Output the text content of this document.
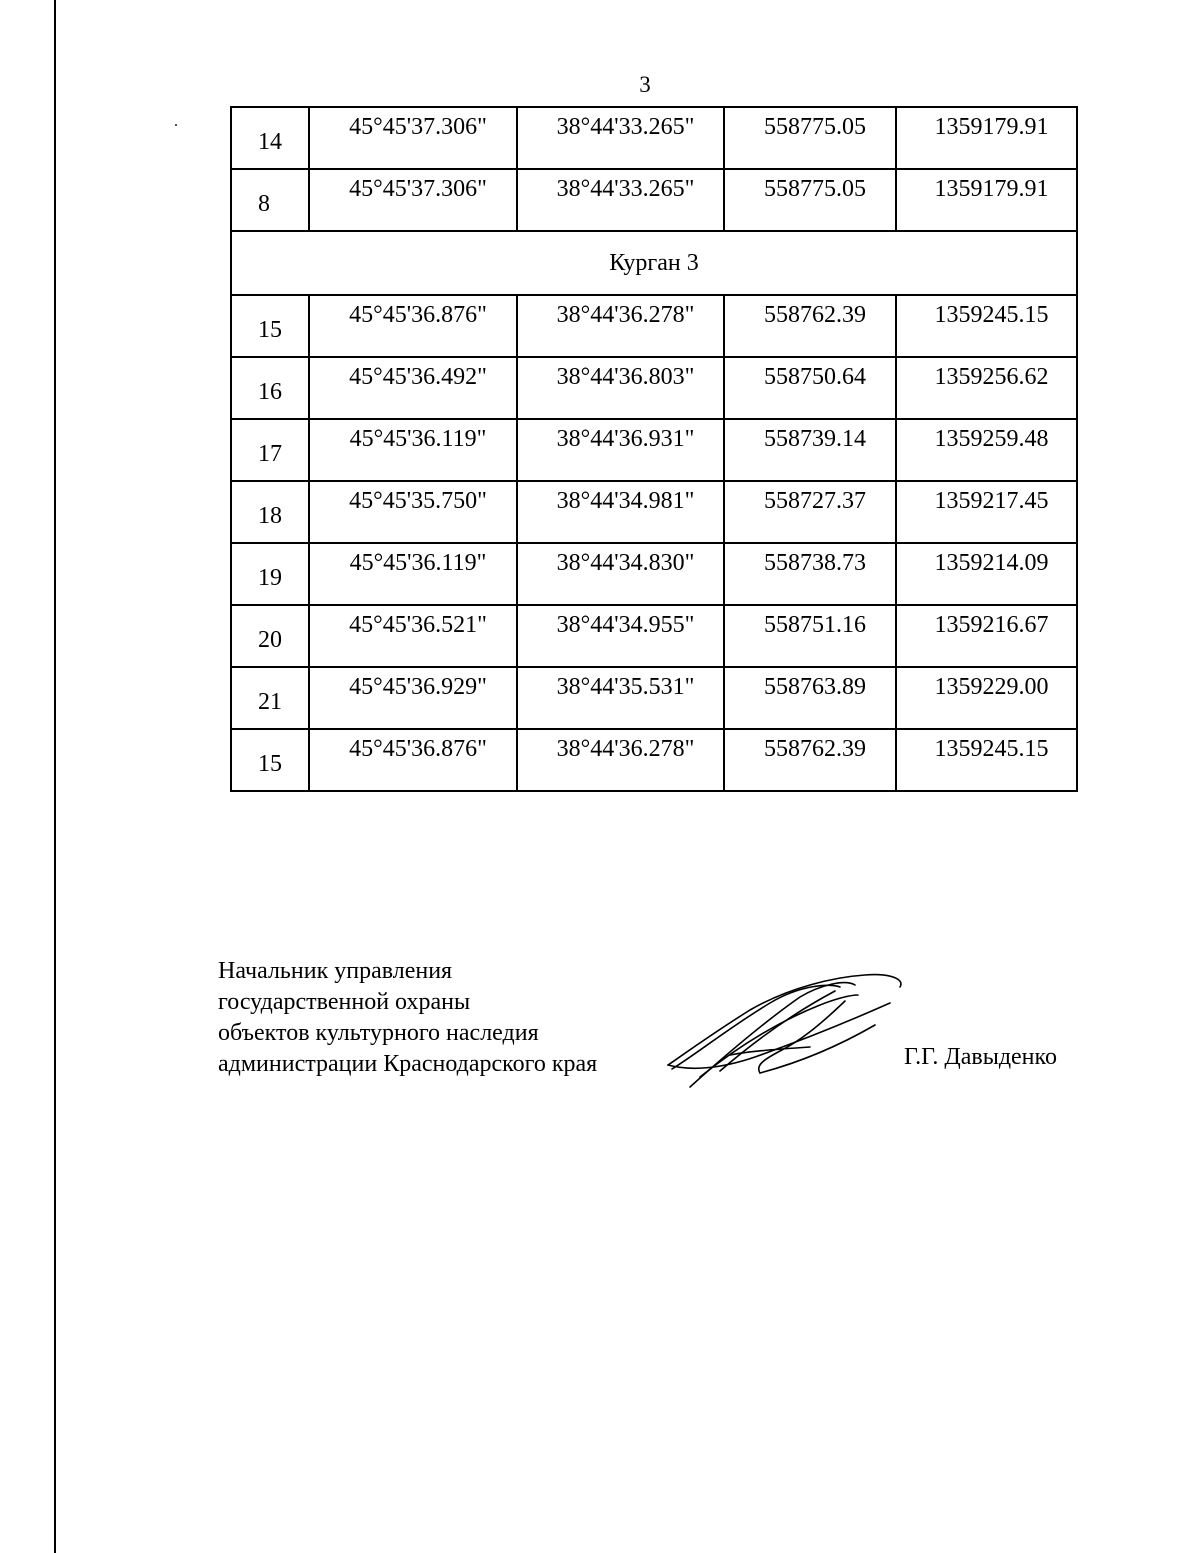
3
14	45°45'37.306"	38°44'33.265"	558775.05	1359179.91
8	45°45'37.306"	38°44'33.265"	558775.05	1359179.91
Курган 3				
15	45°45'36.876"	38°44'36.278"	558762.39	1359245.15
16	45°45'36.492"	38°44'36.803"	558750.64	1359256.62
17	45°45'36.119"	38°44'36.931"	558739.14	1359259.48
18	45°45'35.750"	38°44'34.981"	558727.37	1359217.45
19	45°45'36.119"	38°44'34.830"	558738.73	1359214.09
20	45°45'36.521"	38°44'34.955"	558751.16	1359216.67
21	45°45'36.929"	38°44'35.531"	558763.89	1359229.00
15	45°45'36.876"	38°44'36.278"	558762.39	1359245.15
Начальник управления
государственной охраны
объектов культурного наследия
администрации Краснодарского края	Г.Г. Давыденко
